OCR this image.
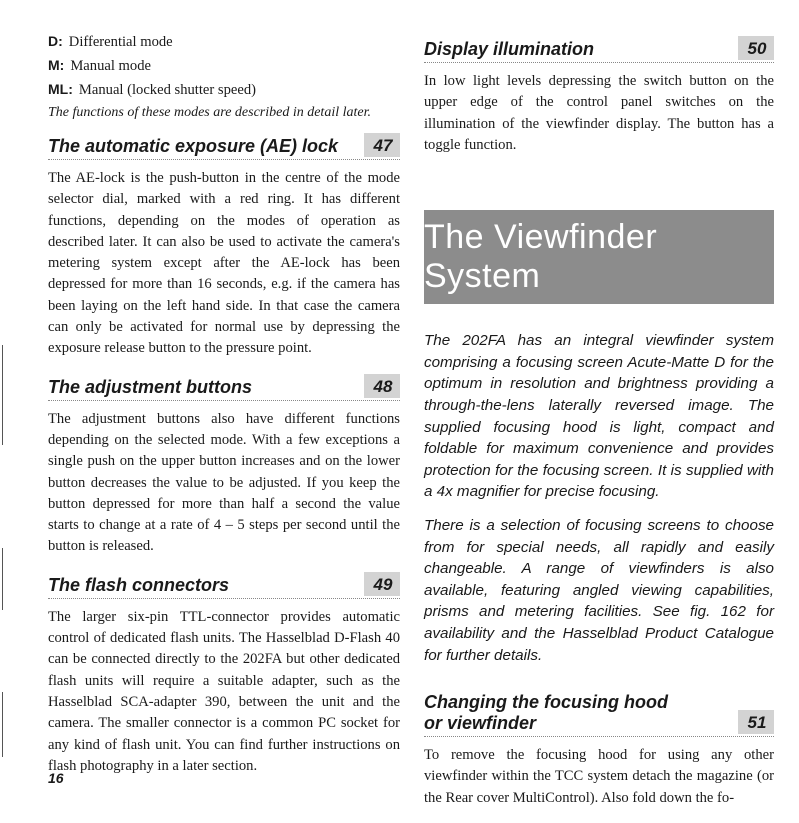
D: Differential mode
M: Manual mode
ML: Manual (locked shutter speed)
The functions of these modes are described in detail later.
The automatic exposure (AE) lock	47

The AE-lock is the push-button in the centre of the mode selector dial, marked with a red ring. It has different functions, depending on the modes of operation as described later. It can also be used to activate the camera's metering system except after the AE-lock has been depressed for more than 16 seconds, e.g. if the camera has been laying on the left hand side. In that case the camera can only be activated for normal use by depressing the exposure release button to the pressure point.

The adjustment buttons	48

The adjustment buttons also have different functions depending on the selected mode. With a few exceptions a single push on the upper button increases and on the lower button decreases the value to be adjusted. If you keep the button depressed for more than half a second the value starts to change at a rate of 4 – 5 steps per second until the button is released.

The flash connectors	49

The larger six-pin TTL-connector provides automatic control of dedicated flash units. The Hasselblad D-Flash 40 can be connected directly to the 202FA but other dedicated flash units will require a suitable adapter, such as the Hasselblad SCA-adapter 390, between the unit and the camera. The smaller connector is a common PC socket for any kind of flash unit. You can find further instructions on flash photography in a later section.

Display illumination	50

In low light levels depressing the switch button on the upper edge of the control panel switches on the illumination of the viewfinder display. The button has a toggle function.

The Viewfinder System

The 202FA has an integral viewfinder system comprising a focusing screen Acute-Matte D for the optimum in resolution and brightness providing a through-the-lens laterally reversed image. The supplied focusing hood is light, compact and foldable for maximum convenience and provides protection for the focusing screen. It is supplied with a 4x magnifier for precise focusing.

There is a selection of focusing screens to choose from for special needs, all rapidly and easily changeable. A range of viewfinders is also available, featuring angled viewing capabilities, prisms and metering facilities. See fig. 162 for availability and the Hasselblad Product Catalogue for further details.

Changing the focusing hood
or viewfinder	51

To remove the focusing hood for using any other viewfinder within the TCC system detach the magazine (or the Rear cover MultiControl). Also fold down the fo-

16
